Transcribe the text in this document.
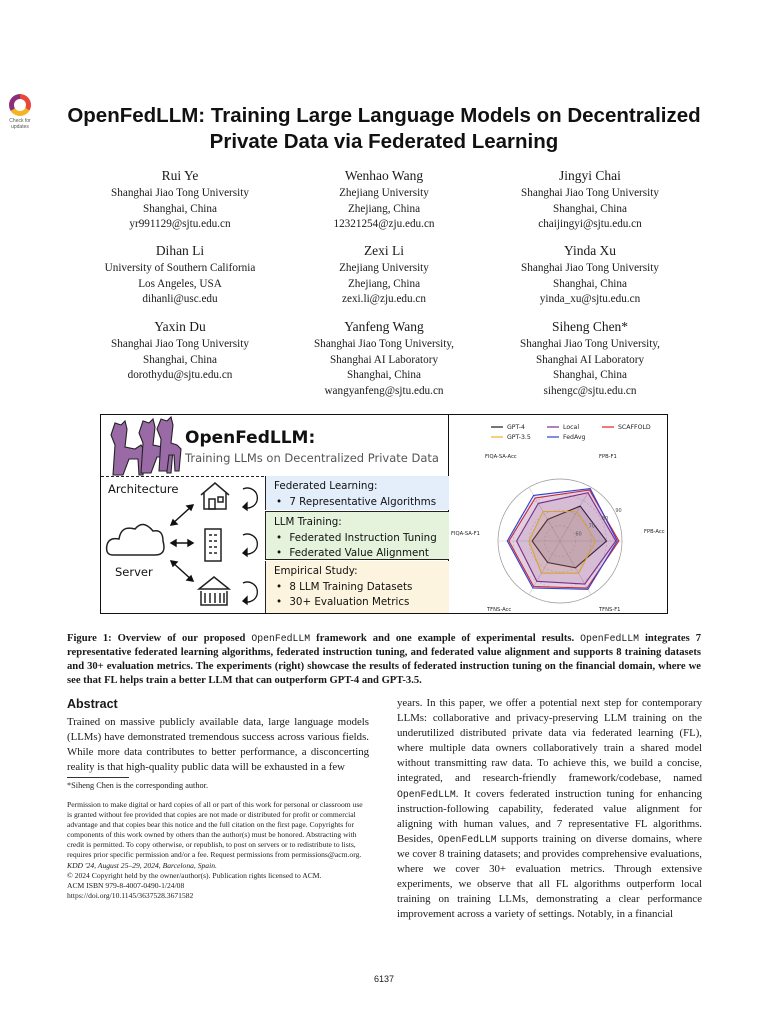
Check for updates	OpenFedLLM: Training Large Language Models on Decentralized Private Data via Federated Learning
Rui Ye
Shanghai Jiao Tong University
Shanghai, China
yr991129@sjtu.edu.cn
Wenhao Wang
Zhejiang University
Zhejiang, China
12321254@zju.edu.cn
Jingyi Chai
Shanghai Jiao Tong University
Shanghai, China
chaijingyi@sjtu.edu.cn
Dihan Li
University of Southern California
Los Angeles, USA
dihanli@usc.edu
Zexi Li
Zhejiang University
Zhejiang, China
zexi.li@zju.edu.cn
Yinda Xu
Shanghai Jiao Tong University
Shanghai, China
yinda_xu@sjtu.edu.cn
Yaxin Du
Shanghai Jiao Tong University
Shanghai, China
dorothydu@sjtu.edu.cn
Yanfeng Wang
Shanghai Jiao Tong University,
Shanghai AI Laboratory
Shanghai, China
wangyanfeng@sjtu.edu.cn
Siheng Chen*
Shanghai Jiao Tong University,
Shanghai AI Laboratory
Shanghai, China
sihengc@sjtu.edu.cn
OpenFedLLM:
Training LLMs on Decentralized Private Data
Architecture
Server
Federated Learning:
• 7 Representative Algorithms
LLM Training:
• Federated Instruction Tuning
• Federated Value Alignment
Empirical Study:
• 8 LLM Training Datasets
• 30+ Evaluation Metrics
FPB-F1
FPB-Acc
TFNS-F1
TFNS-Acc
FIQA-SA-F1
FIQA-SA-Acc
60
70
80
90
GPT-4	Local	SCAFFOLD
GPT-3.5	FedAvg
Figure 1: Overview of our proposed OpenFedLLM framework and one example of experimental results. OpenFedLLM integrates 7 representative federated learning algorithms, federated instruction tuning, and federated value alignment and supports 8 training datasets and 30+ evaluation metrics. The experiments (right) showcase the results of federated instruction tuning on the financial domain, where we see that FL helps train a better LLM that can outperform GPT-4 and GPT-3.5.
Abstract
Trained on massive publicly available data, large language models (LLMs) have demonstrated tremendous success across various fields. While more data contributes to better performance, a disconcerting reality is that high-quality public data will be exhausted in a few
*Siheng Chen is the corresponding author.
Permission to make digital or hard copies of all or part of this work for personal or classroom use is granted without fee provided that copies are not made or distributed for profit or commercial advantage and that copies bear this notice and the full citation on the first page. Copyrights for components of this work owned by others than the author(s) must be honored. Abstracting with credit is permitted. To copy otherwise, or republish, to post on servers or to redistribute to lists, requires prior specific permission and/or a fee. Request permissions from permissions@acm.org.
KDD '24, August 25–29, 2024, Barcelona, Spain.
© 2024 Copyright held by the owner/author(s). Publication rights licensed to ACM.
ACM ISBN 979-8-4007-0490-1/24/08
https://doi.org/10.1145/3637528.3671582
years. In this paper, we offer a potential next step for contemporary LLMs: collaborative and privacy-preserving LLM training on the underutilized distributed private data via federated learning (FL), where multiple data owners collaboratively train a shared model without transmitting raw data. To achieve this, we build a concise, integrated, and research-friendly framework/codebase, named OpenFedLLM. It covers federated instruction tuning for enhancing instruction-following capability, federated value alignment for aligning with human values, and 7 representative FL algorithms. Besides, OpenFedLLM supports training on diverse domains, where we cover 8 training datasets; and provides comprehensive evaluations, where we cover 30+ evaluation metrics. Through extensive experiments, we observe that all FL algorithms outperform local training on training LLMs, demonstrating a clear performance improvement across a variety of settings. Notably, in a financial
6137
